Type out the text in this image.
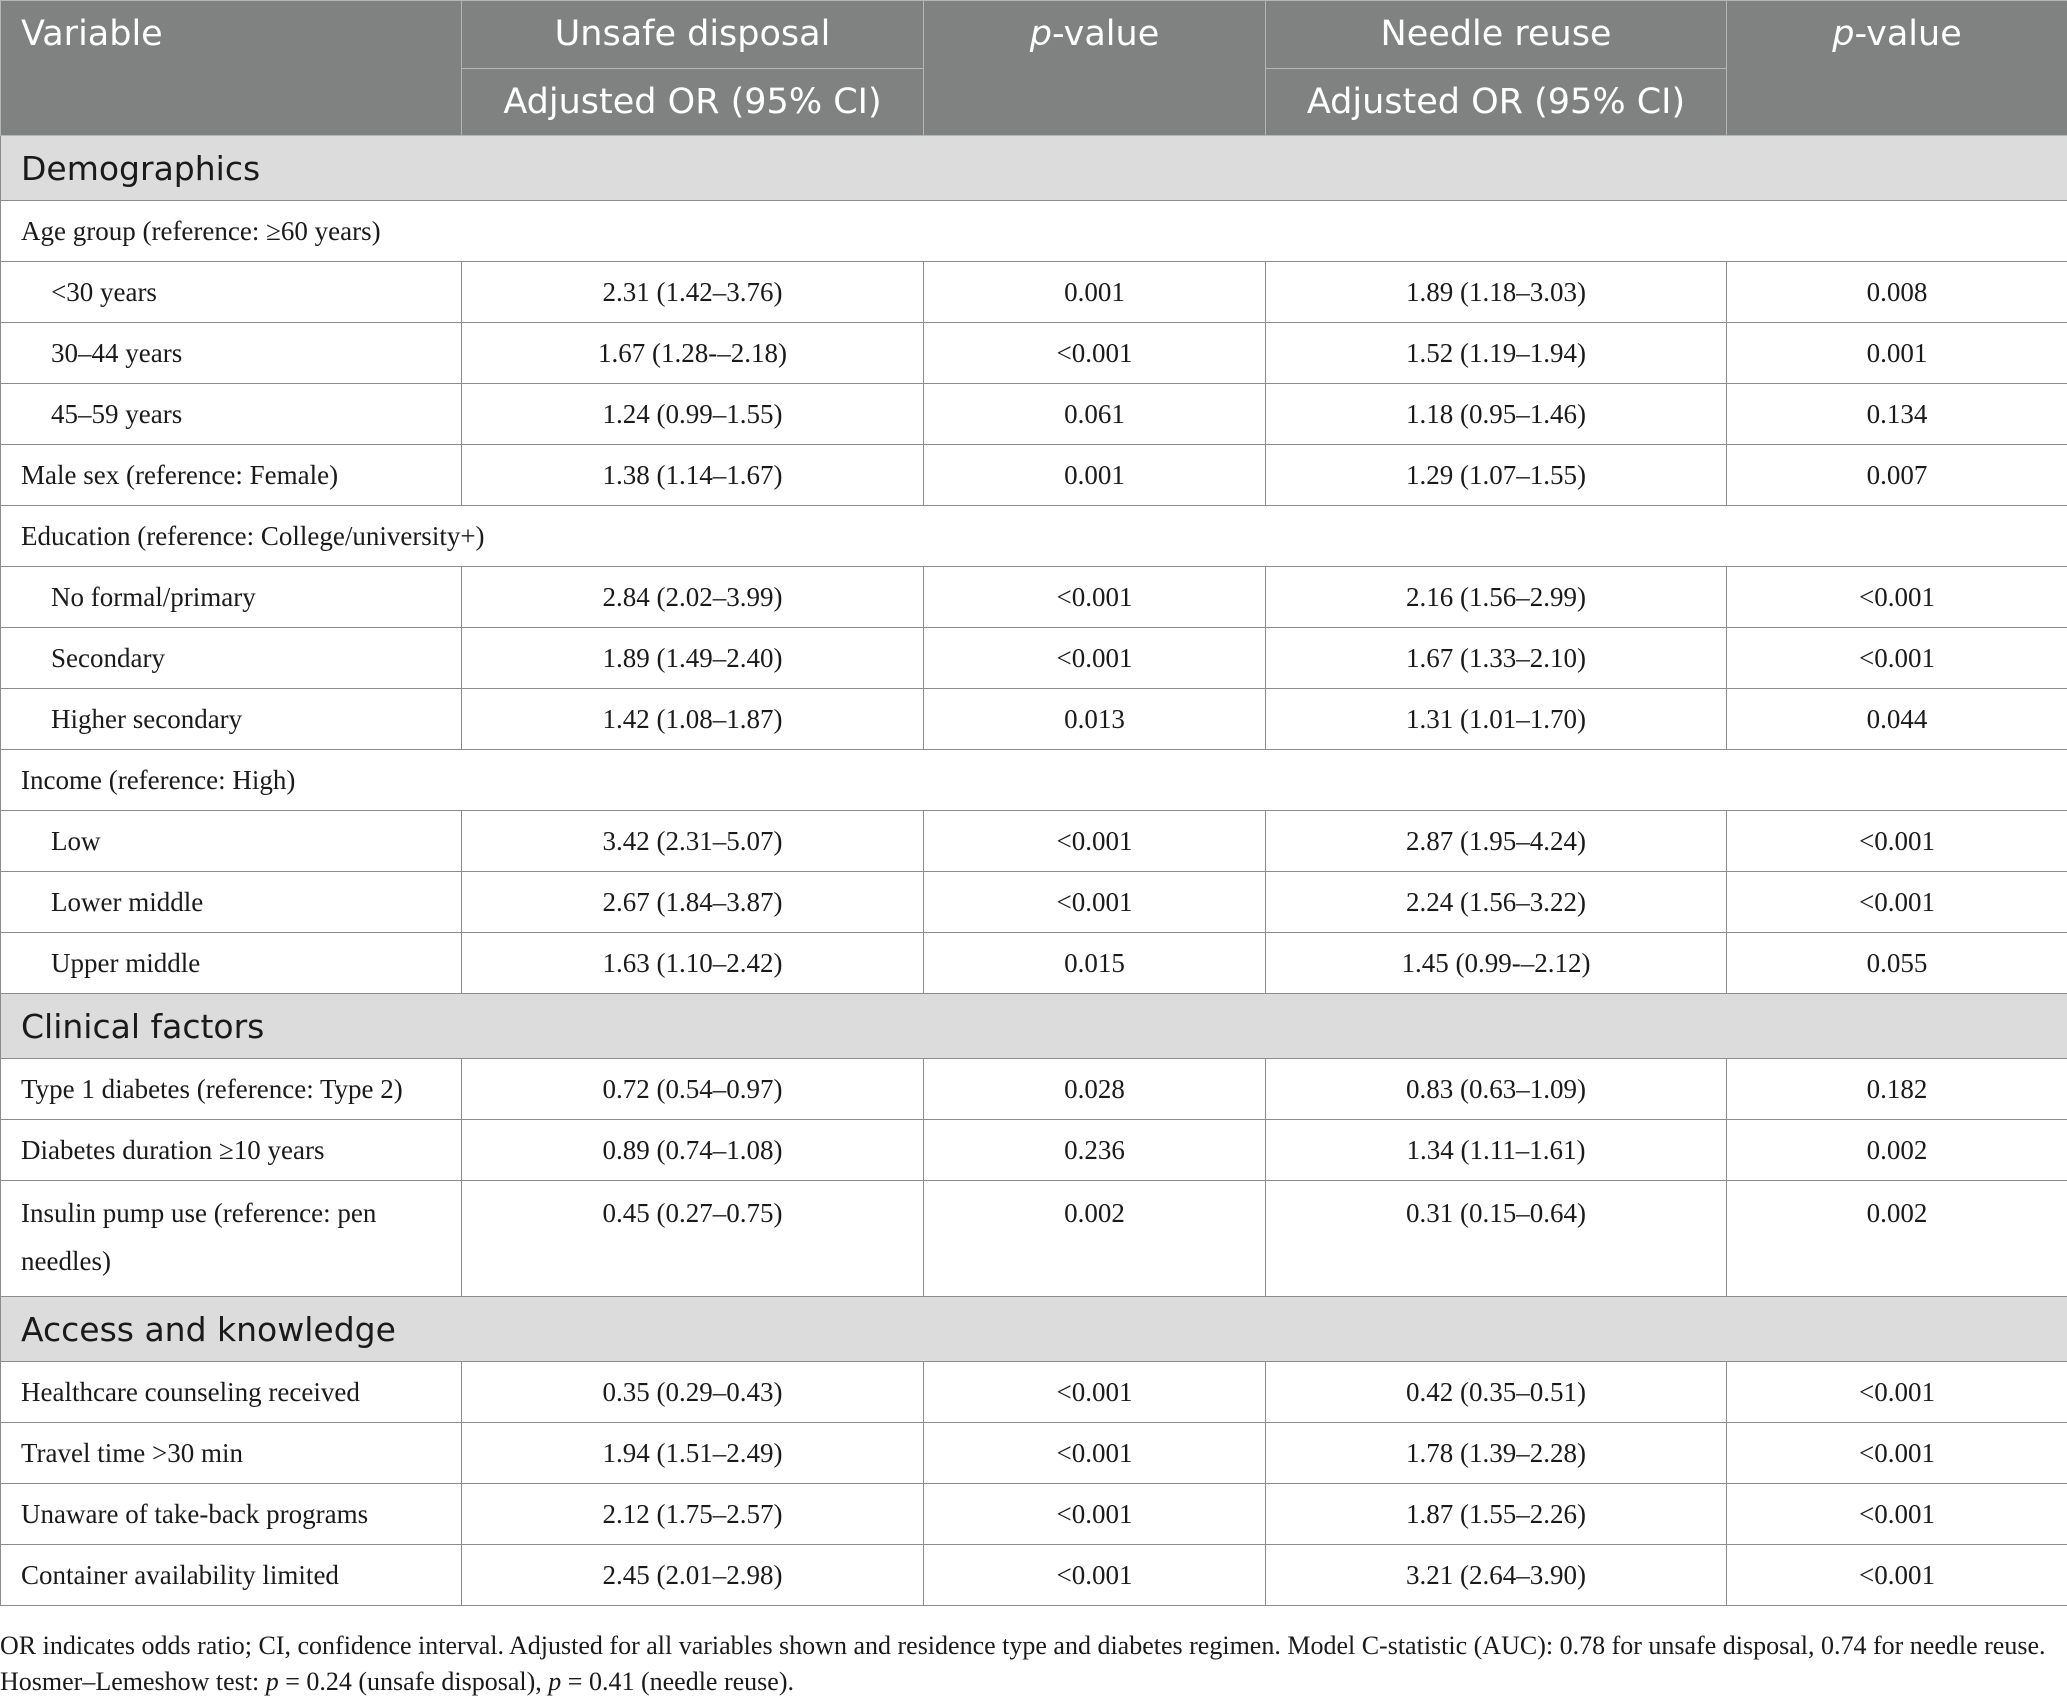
Variable	Unsafe disposal	p-value	Needle reuse	p-value
	Adjusted OR (95% CI)		Adjusted OR (95% CI)	
Demographics				
Age group (reference: ≥60 years)				
<30 years	2.31 (1.42–3.76)	0.001	1.89 (1.18–3.03)	0.008
30–44 years	1.67 (1.28-–2.18)	<0.001	1.52 (1.19–1.94)	0.001
45–59 years	1.24 (0.99–1.55)	0.061	1.18 (0.95–1.46)	0.134
Male sex (reference: Female)	1.38 (1.14–1.67)	0.001	1.29 (1.07–1.55)	0.007
Education (reference: College/university+)				
No formal/primary	2.84 (2.02–3.99)	<0.001	2.16 (1.56–2.99)	<0.001
Secondary	1.89 (1.49–2.40)	<0.001	1.67 (1.33–2.10)	<0.001
Higher secondary	1.42 (1.08–1.87)	0.013	1.31 (1.01–1.70)	0.044
Income (reference: High)				
Low	3.42 (2.31–5.07)	<0.001	2.87 (1.95–4.24)	<0.001
Lower middle	2.67 (1.84–3.87)	<0.001	2.24 (1.56–3.22)	<0.001
Upper middle	1.63 (1.10–2.42)	0.015	1.45 (0.99-–2.12)	0.055
Clinical factors				
Type 1 diabetes (reference: Type 2)	0.72 (0.54–0.97)	0.028	0.83 (0.63–1.09)	0.182
Diabetes duration ≥10 years	0.89 (0.74–1.08)	0.236	1.34 (1.11–1.61)	0.002
Insulin pump use (reference: pen
needles)	0.45 (0.27–0.75)	0.002	0.31 (0.15–0.64)	0.002
Access and knowledge				
Healthcare counseling received	0.35 (0.29–0.43)	<0.001	0.42 (0.35–0.51)	<0.001
Travel time >30 min	1.94 (1.51–2.49)	<0.001	1.78 (1.39–2.28)	<0.001
Unaware of take-back programs	2.12 (1.75–2.57)	<0.001	1.87 (1.55–2.26)	<0.001
Container availability limited	2.45 (2.01–2.98)	<0.001	3.21 (2.64–3.90)	<0.001
OR indicates odds ratio; CI, confidence interval. Adjusted for all variables shown and residence type and diabetes regimen. Model C-statistic (AUC): 0.78 for unsafe disposal, 0.74 for needle reuse. Hosmer–Lemeshow test: p = 0.24 (unsafe disposal), p = 0.41 (needle reuse).
